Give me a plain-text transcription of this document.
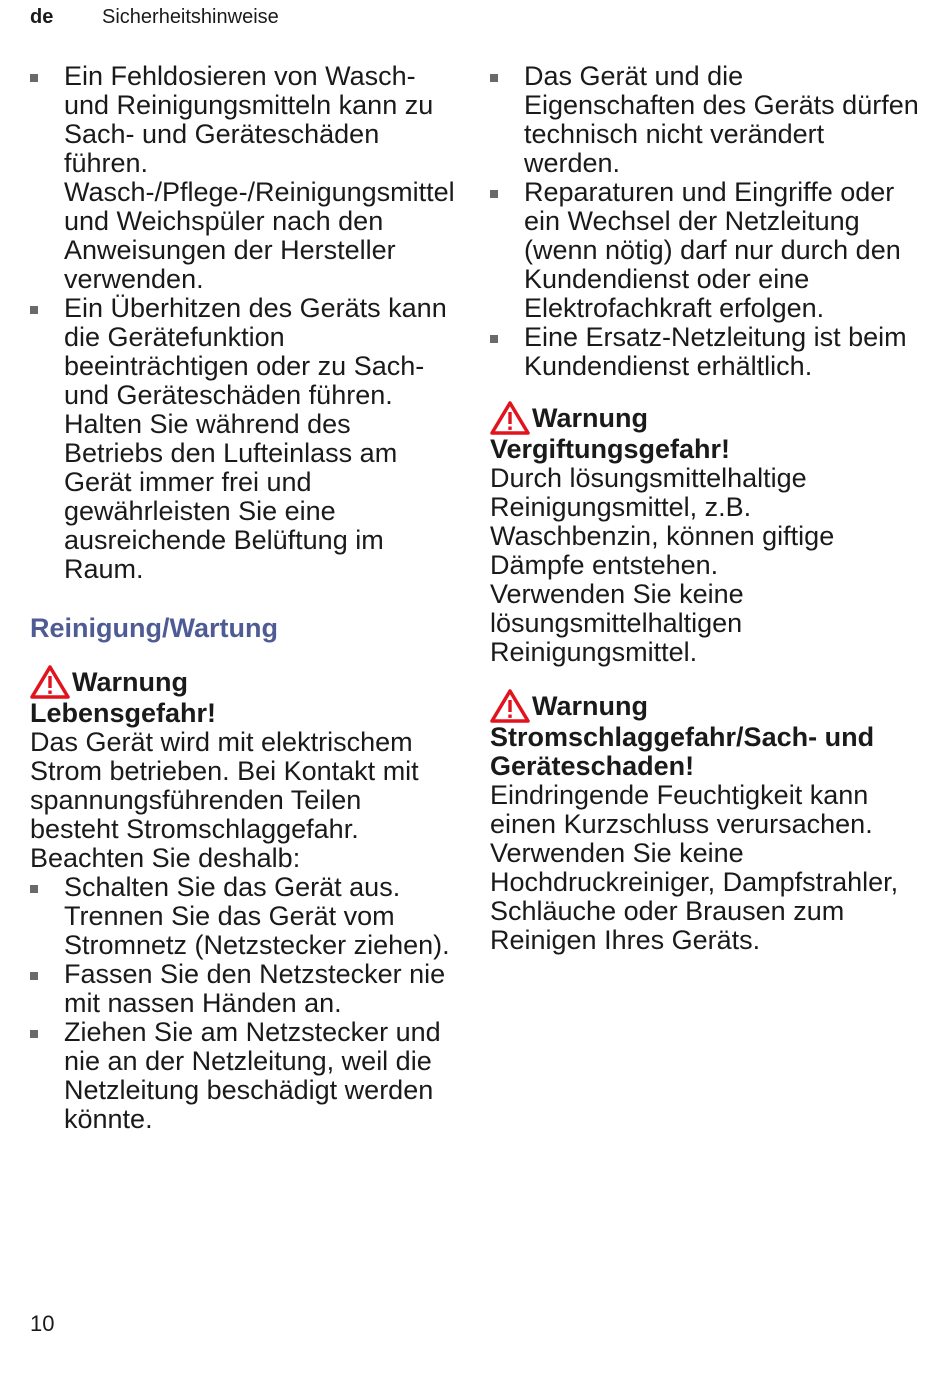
de Sicherheitshinweise

Ein Fehldosieren von Wasch- und Reinigungsmitteln kann zu Sach- und Geräteschäden führen.

Wasch-/Pflege-/Reinigungsmittel und Weichspüler nach den Anweisungen der Hersteller verwenden.

Ein Überhitzen des Geräts kann die Gerätefunktion beeinträchtigen oder zu Sach- und Geräteschäden führen.

Halten Sie während des Betriebs den Lufteinlass am Gerät immer frei und gewährleisten Sie eine ausreichende Belüftung im Raum.

Reinigung/Wartung
Warnung
Lebensgefahr!

Das Gerät wird mit elektrischem Strom betrieben. Bei Kontakt mit spannungsführenden Teilen besteht Stromschlaggefahr. Beachten Sie deshalb:

Schalten Sie das Gerät aus. Trennen Sie das Gerät vom Stromnetz (Netzstecker ziehen).

Fassen Sie den Netzstecker nie mit nassen Händen an.

Ziehen Sie am Netzstecker und nie an der Netzleitung, weil die Netzleitung beschädigt werden könnte.

Das Gerät und die Eigenschaften des Geräts dürfen technisch nicht verändert werden.

Reparaturen und Eingriffe oder ein Wechsel der Netzleitung (wenn nötig) darf nur durch den Kundendienst oder eine Elektrofachkraft erfolgen.

Eine Ersatz-Netzleitung ist beim Kundendienst erhältlich.

Warnung
Vergiftungsgefahr!

Durch lösungsmittelhaltige Reinigungsmittel, z.B. Waschbenzin, können giftige Dämpfe entstehen.

Verwenden Sie keine lösungsmittelhaltigen Reinigungsmittel.

Warnung
Stromschlaggefahr/Sach- und Geräteschaden!

Eindringende Feuchtigkeit kann einen Kurzschluss verursachen.

Verwenden Sie keine Hochdruckreiniger, Dampfstrahler, Schläuche oder Brausen zum Reinigen Ihres Geräts.

10
